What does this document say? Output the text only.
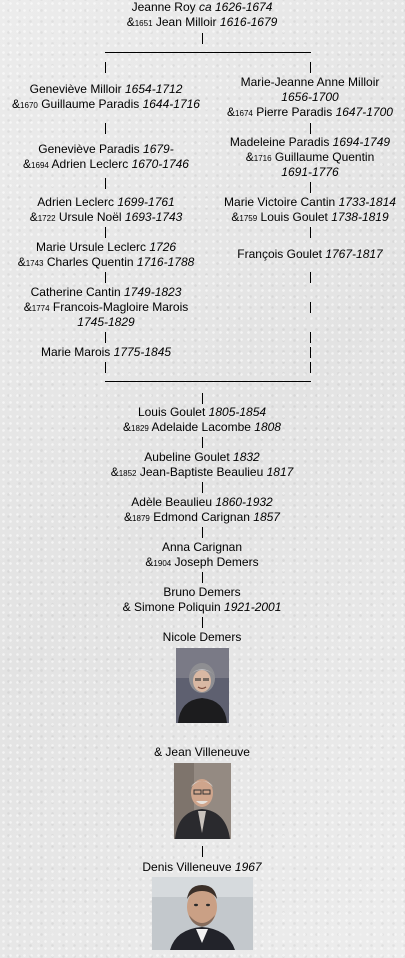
Jeanne Roy ca 1626-1674
&1651 Jean Milloir 1616-1679
Geneviève Milloir 1654-1712
&1670 Guillaume Paradis 1644-1716
Geneviève Paradis 1679-
&1694 Adrien Leclerc 1670-1746
Adrien Leclerc 1699-1761
&1722 Ursule Noël 1693-1743
Marie Ursule Leclerc 1726
&1743 Charles Quentin 1716-1788
Catherine Cantin 1749-1823
&1774 Francois-Magloire Marois
1745-1829
Marie Marois 1775-1845
Marie-Jeanne Anne Milloir
1656-1700
&1674 Pierre Paradis 1647-1700
Madeleine Paradis 1694-1749
&1716 Guillaume Quentin
1691-1776
Marie Victoire Cantin 1733-1814
&1759 Louis Goulet 1738-1819
François Goulet 1767-1817
Louis Goulet 1805-1854
&1829 Adelaide Lacombe 1808
Aubeline Goulet 1832
&1852 Jean-Baptiste Beaulieu 1817
Adèle Beaulieu 1860-1932
&1879 Edmond Carignan 1857
Anna Carignan
&1904 Joseph Demers
Bruno Demers
& Simone Poliquin 1921-2001
Nicole Demers
& Jean Villeneuve
Denis Villeneuve 1967
